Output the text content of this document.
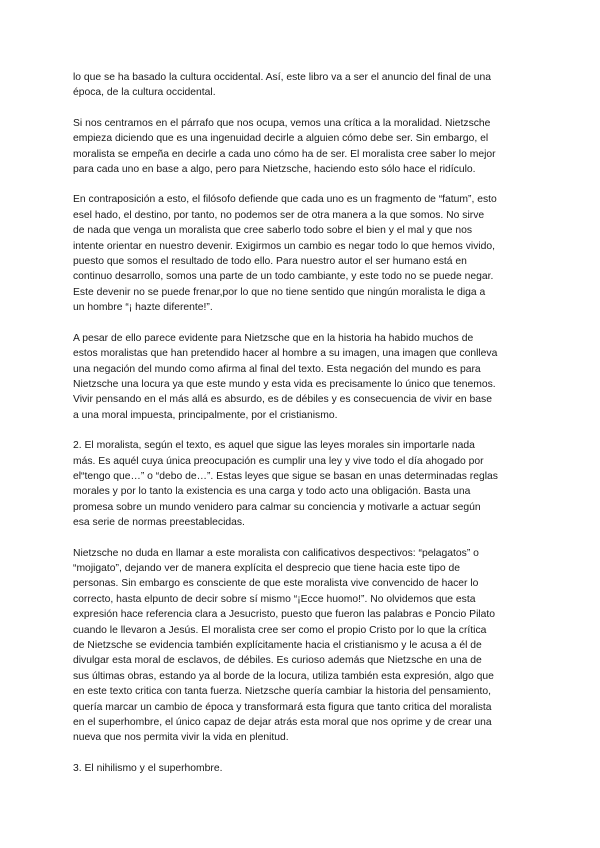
lo que se ha basado la cultura occidental. Así, este libro va a ser el anuncio del final de una
época, de la cultura occidental.

Si nos centramos en el párrafo que nos ocupa, vemos una crítica a la moralidad. Nietzsche
empieza diciendo que es una ingenuidad decirle a alguien cómo debe ser. Sin embargo, el
moralista se empeña en decirle a cada uno cómo ha de ser. El moralista cree saber lo mejor
para cada uno en base a algo, pero para Nietzsche, haciendo esto sólo hace el ridículo.

En contraposición a esto, el filósofo defiende que cada uno es un fragmento de “fatum”, esto
esel hado, el destino, por tanto, no podemos ser de otra manera a la que somos. No sirve
de nada que venga un moralista que cree saberlo todo sobre el bien y el mal y que nos
intente orientar en nuestro devenir. Exigirmos un cambio es negar todo lo que hemos vivido,
puesto que somos el resultado de todo ello. Para nuestro autor el ser humano está en
continuo desarrollo, somos una parte de un todo cambiante, y este todo no se puede negar.
Este devenir no se puede frenar,por lo que no tiene sentido que ningún moralista le diga a
un hombre “¡ hazte diferente!”.

A pesar de ello parece evidente para Nietzsche que en la historia ha habido muchos de
estos moralistas que han pretendido hacer al hombre a su imagen, una imagen que conlleva
una negación del mundo como afirma al final del texto. Esta negación del mundo es para
Nietzsche una locura ya que este mundo y esta vida es precisamente lo único que tenemos.
Vivir pensando en el más allá es absurdo, es de débiles y es consecuencia de vivir en base
a una moral impuesta, principalmente, por el cristianismo.

2. El moralista, según el texto, es aquel que sigue las leyes morales sin importarle nada
más. Es aquél cuya única preocupación es cumplir una ley y vive todo el día ahogado por
el“tengo que…” o “debo de…”. Estas leyes que sigue se basan en unas determinadas reglas
morales y por lo tanto la existencia es una carga y todo acto una obligación. Basta una
promesa sobre un mundo venidero para calmar su conciencia y motivarle a actuar según
esa serie de normas preestablecidas.

Nietzsche no duda en llamar a este moralista con calificativos despectivos: “pelagatos” o
“mojigato”, dejando ver de manera explícita el desprecio que tiene hacia este tipo de
personas. Sin embargo es consciente de que este moralista vive convencido de hacer lo
correcto, hasta elpunto de decir sobre sí mismo “¡Ecce huomo!”. No olvidemos que esta
expresión hace referencia clara a Jesucristo, puesto que fueron las palabras e Poncio Pilato
cuando le llevaron a Jesús. El moralista cree ser como el propio Cristo por lo que la crítica
de Nietzsche se evidencia también explícitamente hacia el cristianismo y le acusa a él de
divulgar esta moral de esclavos, de débiles. Es curioso además que Nietzsche en una de
sus últimas obras, estando ya al borde de la locura, utiliza también esta expresión, algo que
en este texto critica con tanta fuerza. Nietzsche quería cambiar la historia del pensamiento,
quería marcar un cambio de época y transformará esta figura que tanto critica del moralista
en el superhombre, el único capaz de dejar atrás esta moral que nos oprime y de crear una
nueva que nos permita vivir la vida en plenitud.

3. El nihilismo y el superhombre.
